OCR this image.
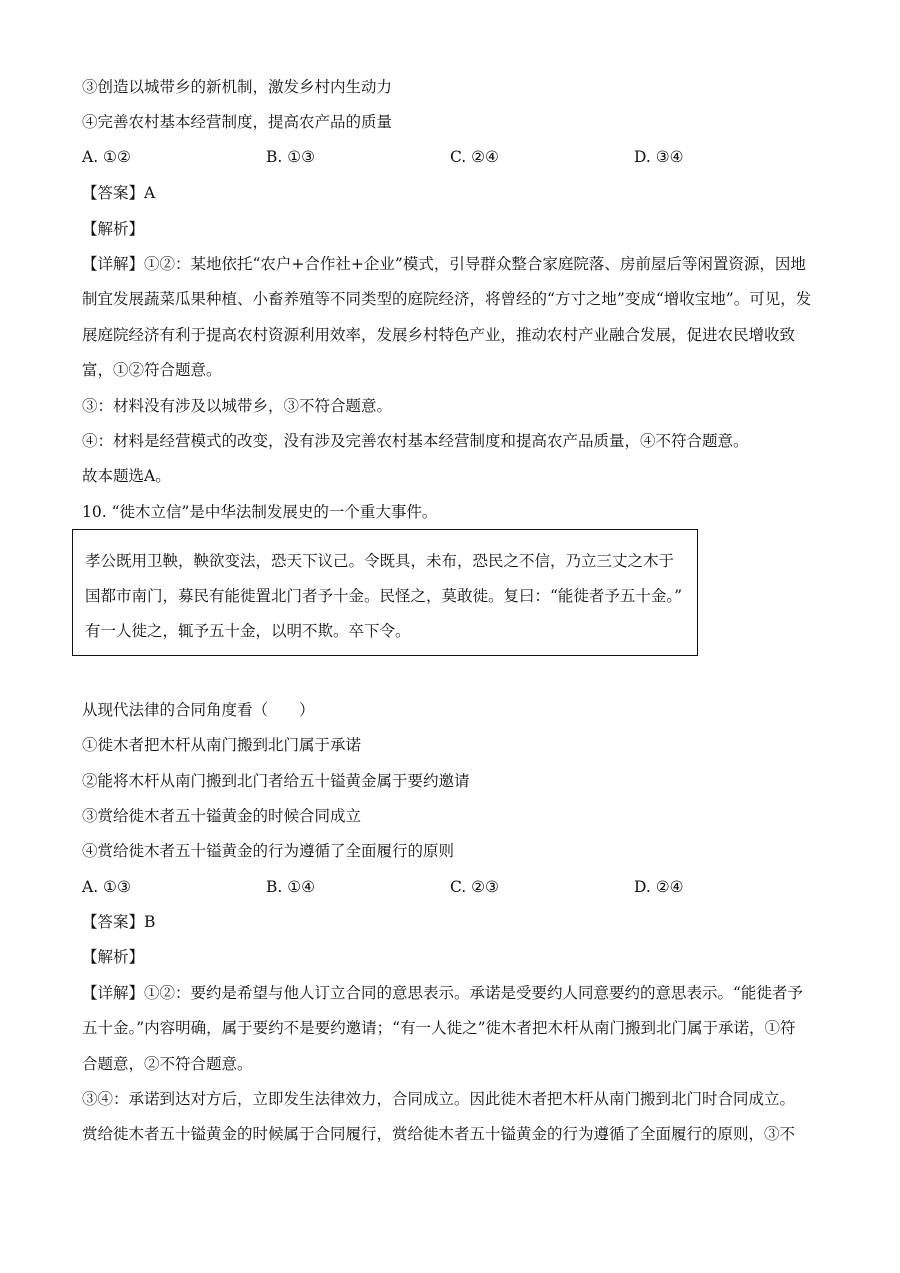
③创造以城带乡的新机制，激发乡村内生动力
④完善农村基本经营制度，提高农产品的质量
A. ①②	B. ①③	C. ②④	D. ③④
【答案】A
【解析】
【详解】①②：某地依托“农户+合作社+企业”模式，引导群众整合家庭院落、房前屋后等闲置资源，因地
制宜发展蔬菜瓜果种植、小畜养殖等不同类型的庭院经济，将曾经的“方寸之地”变成“增收宝地”。可见，发
展庭院经济有利于提高农村资源利用效率，发展乡村特色产业，推动农村产业融合发展，促进农民增收致
富，①②符合题意。
③：材料没有涉及以城带乡，③不符合题意。
④：材料是经营模式的改变，没有涉及完善农村基本经营制度和提高农产品质量，④不符合题意。
故本题选A。
10. “徙木立信”是中华法制发展史的一个重大事件。
孝公既用卫鞅，鞅欲变法，恐天下议己。令既具，未布，恐民之不信，乃立三丈之木于
国都市南门，募民有能徙置北门者予十金。民怪之，莫敢徙。复曰：“能徙者予五十金。”
有一人徙之，辄予五十金，以明不欺。卒下令。
从现代法律的合同角度看（　　）
①徙木者把木杆从南门搬到北门属于承诺
②能将木杆从南门搬到北门者给五十镒黄金属于要约邀请
③赏给徙木者五十镒黄金的时候合同成立
④赏给徙木者五十镒黄金的行为遵循了全面履行的原则
A. ①③	B. ①④	C. ②③	D. ②④
【答案】B
【解析】
【详解】①②：要约是希望与他人订立合同的意思表示。承诺是受要约人同意要约的意思表示。“能徙者予
五十金。”内容明确，属于要约不是要约邀请；“有一人徙之”徙木者把木杆从南门搬到北门属于承诺，①符
合题意，②不符合题意。
③④：承诺到达对方后，立即发生法律效力，合同成立。因此徙木者把木杆从南门搬到北门时合同成立。
赏给徙木者五十镒黄金的时候属于合同履行，赏给徙木者五十镒黄金的行为遵循了全面履行的原则，③不
